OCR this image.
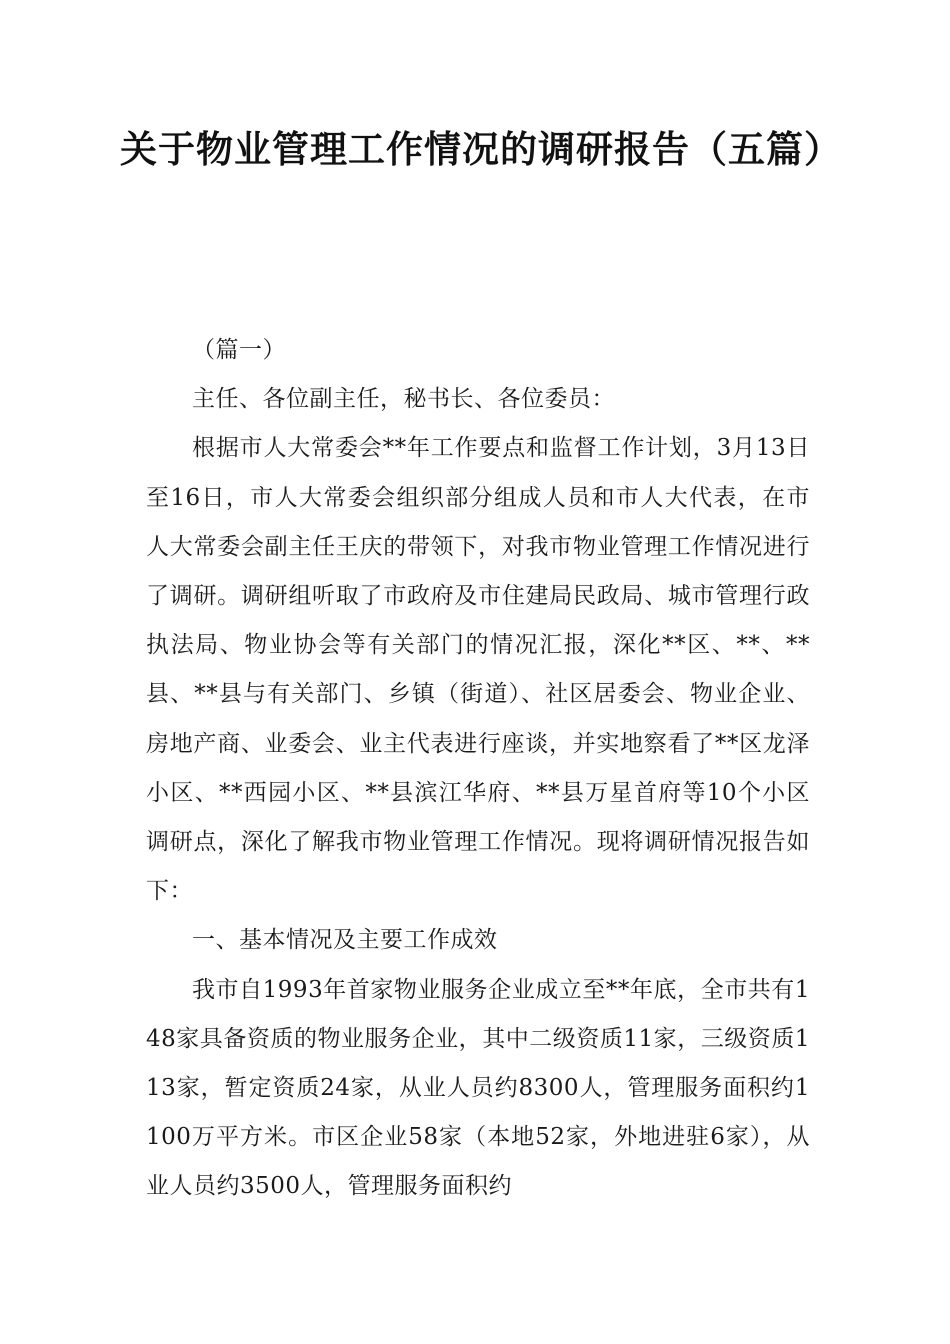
关于物业管理工作情况的调研报告（五篇）

（篇一）

主任、各位副主任，秘书长、各位委员：

根据市人大常委会**年工作要点和监督工作计划，3月13日至16日，市人大常委会组织部分组成人员和市人大代表，在市人大常委会副主任王庆的带领下，对我市物业管理工作情况进行了调研。调研组听取了市政府及市住建局民政局、城市管理行政执法局、物业协会等有关部门的情况汇报，深化**区、**、**县、**县与有关部门、乡镇（街道）、社区居委会、物业企业、房地产商、业委会、业主代表进行座谈，并实地察看了**区龙泽小区、**西园小区、**县滨江华府、**县万星首府等10个小区调研点，深化了解我市物业管理工作情况。现将调研情况报告如下：

一、基本情况及主要工作成效

我市自1993年首家物业服务企业成立至**年底，全市共有148家具备资质的物业服务企业，其中二级资质11家，三级资质113家，暂定资质24家，从业人员约8300人，管理服务面积约1100万平方米。市区企业58家（本地52家，外地进驻6家），从业人员约3500人，管理服务面积约
